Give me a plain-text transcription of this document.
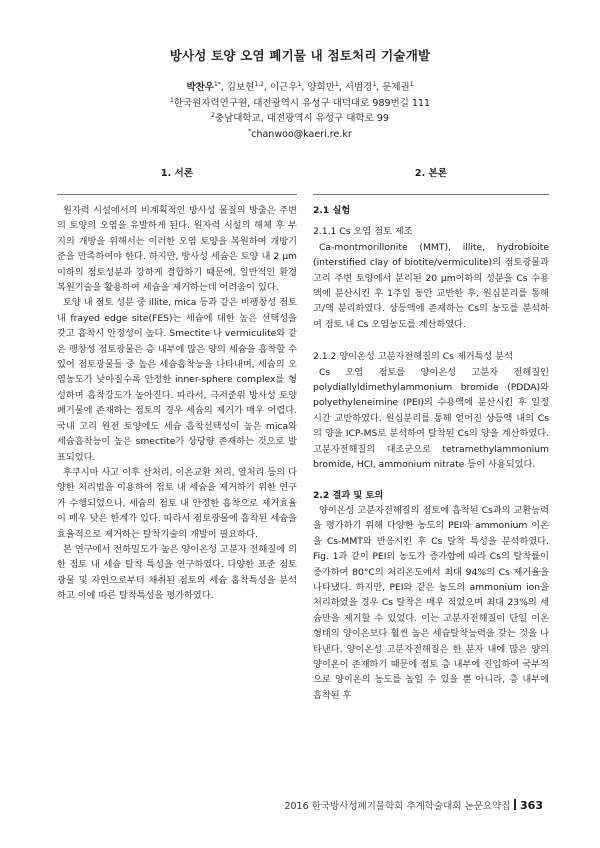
방사성 토양 오염 폐기물 내 점토처리 기술개발
박찬우$^{1*}$, 김보현$^{1,2}$, 이근우$^1$, 양희만$^1$, 서범경$^1$, 문제권$^1$
$^1$한국원자력연구원, 대전광역시 유성구 대덕대로 989번길 111
$^2$충남대학교, 대전광역시 유성구 대학로 99
*chanwoo@kaeri.re.kr
1. 서론

원자력 시설에서의 비계획적인 방사성 물질의 방출은 주변의 토양의 오염을 유발하게 된다. 원자력 시설의 해체 후 부지의 개방을 위해서는 이러한 오염 토양을 복원하여 개방기준을 만족하여야 한다. 하지만, 방사성 세슘은 토양 내 2 μm 이하의 점토성분과 강하게 결합하기 때문에, 일반적인 환경복원기술을 활용하여 세슘을 제거하는데 어려움이 있다.

토양 내 점토 성분 중 illite, mica 등과 같은 비팽창성 점토 내 frayed edge site(FES)는 세슘에 대한 높은 선택성을 갖고 흡착시 안정성이 높다. Smectite 나 vermiculite와 같은 팽창성 점토광물은 층 내부에 많은 양의 세슘을 흡착할 수 있어 점토광물들 중 높은 세슘흡착능을 나타내며, 세슘의 오염농도가 낮아질수록 안정한 inner-sphere complex를 형성하며 흡착강도가 높아진다. 따라서, 극저준위 방사성 토양폐기물에 존재하는 점토의 경우 세슘의 제거가 매우 어렵다. 국내 고리 원전 토양에도 세슘 흡착선택성이 높은 mica와 세슘흡착능이 높은 smectite가 상당량 존재하는 것으로 발표되었다.

후쿠시마 사고 이후 산처리, 이온교환 처리, 열처리 등의 다양한 처리법을 이용하여 점토 내 세슘을 제거하기 위한 연구가 수행되었으나, 세슘의 점토 내 안정한 흡착으로 제거효율이 매우 낮은 한계가 있다. 따라서 점토광물에 흡착된 세슘을 효율적으로 제거하는 탈착기술의 개발이 필요하다.

본 연구에서 전하밀도가 높은 양이온성 고분자 전해질에 의한 점토 내 세슘 탈착 특성을 연구하였다. 다양한 표준 점토광물 및 자연으로부터 채취된 점토의 세슘 흡착특성을 분석하고 이에 따른 탈착특성을 평가하였다.

2. 본론
2.1 실험
2.1.1 Cs 오염 점토 제조

Ca-montmorillonite (MMT), illite, hydrobioite (interstified clay of biotite/vermiculite)의 점토광물과 고리 주변 토양에서 분리된 20 μm이하의 성분을 Cs 수용액에 분산시킨 후 1주일 동안 교반한 후, 원심분리를 통해 고/액 분리하였다. 상등액에 존재하는 Cs의 농도를 분석하여 점토 내 Cs 오염농도를 계산하였다.

2.1.2 양이온성 고분자전해질의 Cs 제거특성 분석

Cs 오염 점토를 양이온성 고분자 전해질인 polydiallyldimethylammonium bromide (PDDA)와 polyethyleneimine (PEI)의 수용액에 분산시킨 후 일정시간 교반하였다. 원심분리를 통해 얻어진 상등액 내의 Cs의 양을 ICP-MS로 분석하여 탈착된 Cs의 양을 계산하였다. 고분자전해질의 대조군으로 tetramethylammonium bromide, HCl, ammonium nitrate 등이 사용되었다.

2.2 결과 및 토의

양이온성 고분자전해질의 점토에 흡착된 Cs과의 교환능력을 평가하기 위해 다양한 농도의 PEI와 ammonium 이온을 Cs-MMT와 반응시킨 후 Cs 탈착 특성을 분석하였다. Fig. 1과 같이 PEI의 농도가 증가함에 따라 Cs의 탈착률이 증가하여 80°C의 처리온도에서 최대 94%의 Cs 제거율을 나타냈다. 하지만, PEI와 같은 농도의 ammonium ion을 처리하였을 경우 Cs 탈착은 매우 적었으며 최대 23%의 세슘만을 제거할 수 있었다. 이는 고분자전해질이 단일 이온형태의 양이온보다 훨씬 높은 세슘탈착능력을 갖는 것을 나타낸다. 양이온성 고분자전해질은 한 분자 내에 많은 양의 양이온이 존재하기 때문에 점토 층 내부에 진입하여 국부적으로 양이온의 농도를 높일 수 있을 뿐 아니라, 층 내부에 흡착된 후

2016 한국방사성폐기물학회 추계학술대회 논문요약집 363
